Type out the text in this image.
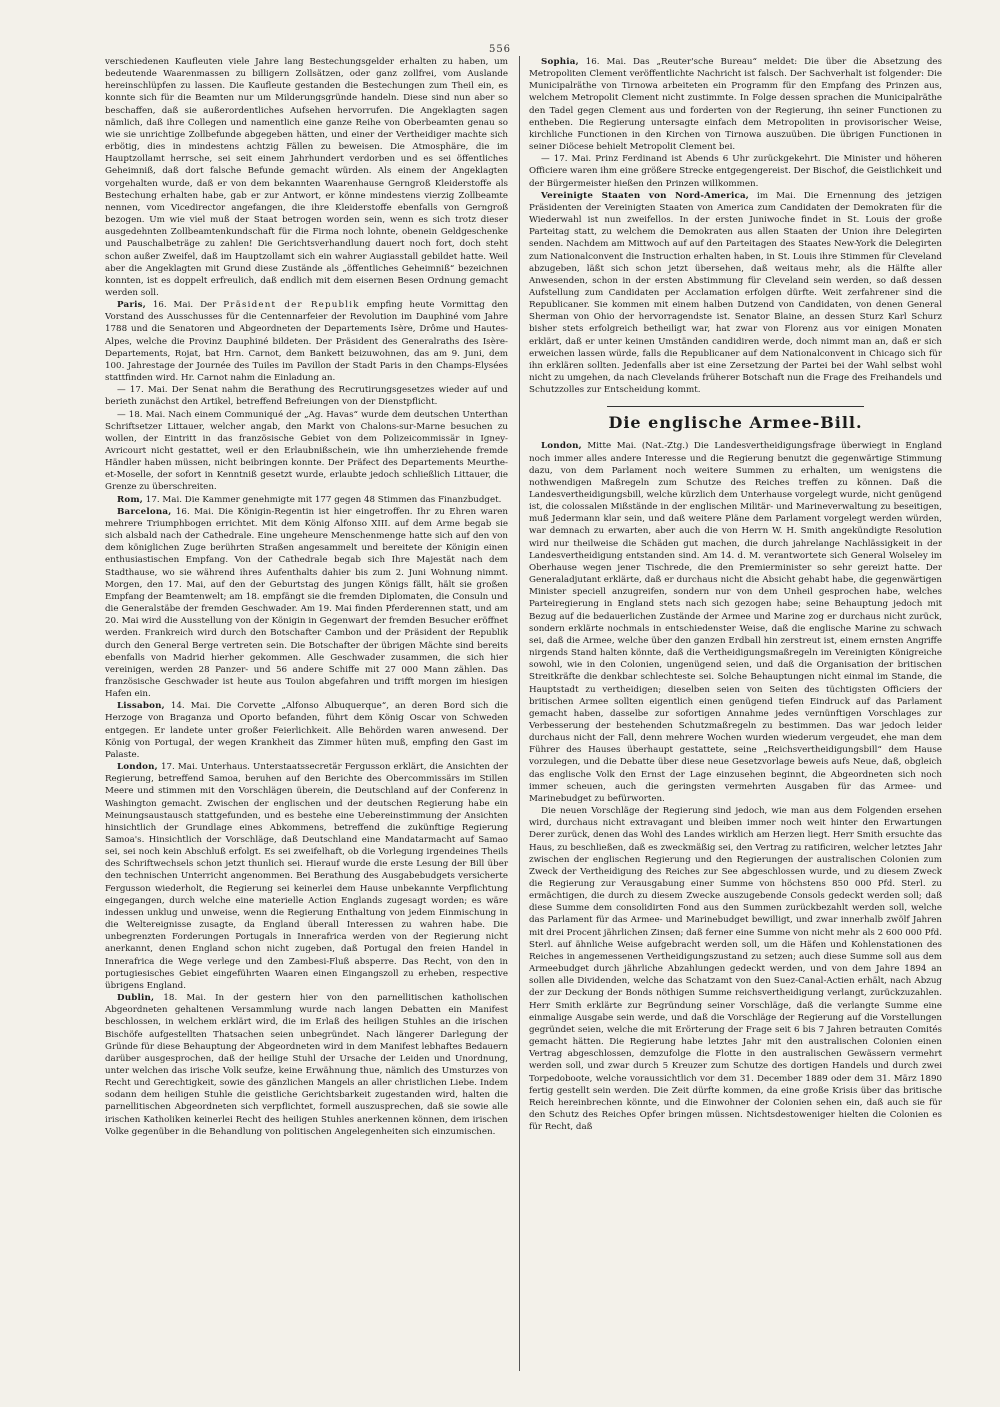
556

verschiedenen Kaufleuten viele Jahre lang Bestechungsgelder erhalten zu haben, um bedeutende Waarenmassen zu billigern Zollsätzen, oder ganz zollfrei, vom Auslande hereinschlüpfen zu lassen. Die Kaufleute gestanden die Bestechungen zum Theil ein, es konnte sich für die Beamten nur um Milderungsgründe handeln. Diese sind nun aber so beschaffen, daß sie außerordentliches Aufsehen hervorrufen. Die Angeklagten sagen nämlich, daß ihre Collegen und namentlich eine ganze Reihe von Oberbeamten genau so wie sie unrichtige Zollbefunde abgegeben hätten, und einer der Vertheidiger machte sich erbötig, dies in mindestens achtzig Fällen zu beweisen. Die Atmosphäre, die im Hauptzollamt herrsche, sei seit einem Jahrhundert verdorben und es sei öffentliches Geheimniß, daß dort falsche Befunde gemacht würden. Als einem der Angeklagten vorgehalten wurde, daß er von dem bekannten Waarenhause Gerngroß Kleiderstoffe als Bestechung erhalten habe, gab er zur Antwort, er könne mindestens vierzig Zollbeamte nennen, vom Vicedirector angefangen, die ihre Kleiderstoffe ebenfalls von Gerngroß bezogen. Um wie viel muß der Staat betrogen worden sein, wenn es sich trotz dieser ausgedehnten Zollbeamtenkundschaft für die Firma noch lohnte, obenein Geldgeschenke und Pauschalbeträge zu zahlen! Die Gerichtsverhandlung dauert noch fort, doch steht schon außer Zweifel, daß im Hauptzollamt sich ein wahrer Augiasstall gebildet hatte. Weil aber die Angeklagten mit Grund diese Zustände als „öffentliches Geheimniß“ bezeichnen konnten, ist es doppelt erfreulich, daß endlich mit dem eisernen Besen Ordnung gemacht werden soll.

Paris, 16. Mai. Der Präsident der Republik empfing heute Vormittag den Vorstand des Ausschusses für die Centennarfeier der Revolution im Dauphiné vom Jahre 1788 und die Senatoren und Abgeordneten der Departements Isère, Drôme und Hautes-Alpes, welche die Provinz Dauphiné bildeten. Der Präsident des Generalraths des Isère-Departements, Rojat, bat Hrn. Carnot, dem Bankett beizuwohnen, das am 9. Juni, dem 100. Jahrestage der Journée des Tuiles im Pavillon der Stadt Paris in den Champs-Elysées stattfinden wird. Hr. Carnot nahm die Einladung an.

— 17. Mai. Der Senat nahm die Berathung des Recrutirungsgesetzes wieder auf und berieth zunächst den Artikel, betreffend Befreiungen von der Dienstpflicht.

— 18. Mai. Nach einem Communiqué der „Ag. Havas“ wurde dem deutschen Unterthan Schriftsetzer Littauer, welcher angab, den Markt von Chalons-sur-Marne besuchen zu wollen, der Eintritt in das französische Gebiet von dem Polizeicommissär in Igney-Avricourt nicht gestattet, weil er den Erlaubnißschein, wie ihn umherziehende fremde Händler haben müssen, nicht beibringen konnte. Der Präfect des Departements Meurthe-et-Moselle, der sofort in Kenntniß gesetzt wurde, erlaubte jedoch schließlich Littauer, die Grenze zu überschreiten.

Rom, 17. Mai. Die Kammer genehmigte mit 177 gegen 48 Stimmen das Finanzbudget.

Barcelona, 16. Mai. Die Königin-Regentin ist hier eingetroffen. Ihr zu Ehren waren mehrere Triumphbogen errichtet. Mit dem König Alfonso XIII. auf dem Arme begab sie sich alsbald nach der Cathedrale. Eine ungeheure Menschenmenge hatte sich auf den von dem königlichen Zuge berührten Straßen angesammelt und bereitete der Königin einen enthusiastischen Empfang. Von der Cathedrale begab sich Ihre Majestät nach dem Stadthause, wo sie während ihres Aufenthalts dahier bis zum 2. Juni Wohnung nimmt. Morgen, den 17. Mai, auf den der Geburtstag des jungen Königs fällt, hält sie großen Empfang der Beamtenwelt; am 18. empfängt sie die fremden Diplomaten, die Consuln und die Generalstäbe der fremden Geschwader. Am 19. Mai finden Pferderennen statt, und am 20. Mai wird die Ausstellung von der Königin in Gegenwart der fremden Besucher eröffnet werden. Frankreich wird durch den Botschafter Cambon und der Präsident der Republik durch den General Berge vertreten sein. Die Botschafter der übrigen Mächte sind bereits ebenfalls von Madrid hierher gekommen. Alle Geschwader zusammen, die sich hier vereinigen, werden 28 Panzer- und 56 andere Schiffe mit 27 000 Mann zählen. Das französische Geschwader ist heute aus Toulon abgefahren und trifft morgen im hiesigen Hafen ein.

Lissabon, 14. Mai. Die Corvette „Alfonso Albuquerque“, an deren Bord sich die Herzoge von Braganza und Oporto befanden, führt dem König Oscar von Schweden entgegen. Er landete unter großer Feierlichkeit. Alle Behörden waren anwesend. Der König von Portugal, der wegen Krankheit das Zimmer hüten muß, empfing den Gast im Palaste.

London, 17. Mai. Unterhaus. Unterstaatssecretär Fergusson erklärt, die Ansichten der Regierung, betreffend Samoa, beruhen auf den Berichte des Obercommissärs im Stillen Meere und stimmen mit den Vorschlägen überein, die Deutschland auf der Conferenz in Washington gemacht. Zwischen der englischen und der deutschen Regierung habe ein Meinungsaustausch stattgefunden, und es bestehe eine Uebereinstimmung der Ansichten hinsichtlich der Grundlage eines Abkommens, betreffend die zukünftige Regierung Samoa's. Hinsichtlich der Vorschläge, daß Deutschland eine Mandatarmacht auf Samao sei, sei noch kein Abschluß erfolgt. Es sei zweifelhaft, ob die Vorlegung irgendeines Theils des Schriftwechsels schon jetzt thunlich sei. Hierauf wurde die erste Lesung der Bill über den technischen Unterricht angenommen. Bei Berathung des Ausgabebudgets versicherte Fergusson wiederholt, die Regierung sei keinerlei dem Hause unbekannte Verpflichtung eingegangen, durch welche eine materielle Action Englands zugesagt worden; es wäre indessen unklug und unweise, wenn die Regierung Enthaltung von jedem Einmischung in die Weltereignisse zusagte, da England überall Interessen zu wahren habe. Die unbegrenzten Forderungen Portugals in Innerafrica werden von der Regierung nicht anerkannt, denen England schon nicht zugeben, daß Portugal den freien Handel in Innerafrica die Wege verlege und den Zambesi-Fluß absperre. Das Recht, von den in portugiesisches Gebiet eingeführten Waaren einen Eingangszoll zu erheben, respective übrigens England.

Dublin, 18. Mai. In der gestern hier von den parnellitischen katholischen Abgeordneten gehaltenen Versammlung wurde nach langen Debatten ein Manifest beschlossen, in welchem erklärt wird, die im Erlaß des heiligen Stuhles an die irischen Bischöfe aufgestellten Thatsachen seien unbegründet. Nach längerer Darlegung der Gründe für diese Behauptung der Abgeordneten wird in dem Manifest lebhaftes Bedauern darüber ausgesprochen, daß der heilige Stuhl der Ursache der Leiden und Unordnung, unter welchen das irische Volk seufze, keine Erwähnung thue, nämlich des Umsturzes von Recht und Gerechtigkeit, sowie des gänzlichen Mangels an aller christlichen Liebe. Indem sodann dem heiligen Stuhle die geistliche Gerichtsbarkeit zugestanden wird, halten die parnellitischen Abgeordneten sich verpflichtet, formell auszusprechen, daß sie sowie alle irischen Katholiken keinerlei Recht des heiligen Stuhles anerkennen können, dem irischen Volke gegenüber in die Behandlung von politischen Angelegenheiten sich einzumischen.

Sophia, 16. Mai. Das „Reuter'sche Bureau“ meldet: Die über die Absetzung des Metropoliten Clement veröffentlichte Nachricht ist falsch. Der Sachverhalt ist folgender: Die Municipalräthe von Tirnowa arbeiteten ein Programm für den Empfang des Prinzen aus, welchem Metropolit Clement nicht zustimmte. In Folge dessen sprachen die Municipalräthe den Tadel gegen Clement aus und forderten von der Regierung, ihn seiner Functionen zu entheben. Die Regierung untersagte einfach dem Metropoliten in provisorischer Weise, kirchliche Functionen in den Kirchen von Tirnowa auszuüben. Die übrigen Functionen in seiner Diöcese behielt Metropolit Clement bei.

— 17. Mai. Prinz Ferdinand ist Abends 6 Uhr zurückgekehrt. Die Minister und höheren Officiere waren ihm eine größere Strecke entgegengereist. Der Bischof, die Geistlichkeit und der Bürgermeister hießen den Prinzen willkommen.

Vereinigte Staaten von Nord-America, im Mai. Die Ernennung des jetzigen Präsidenten der Vereinigten Staaten von America zum Candidaten der Demokraten für die Wiederwahl ist nun zweifellos. In der ersten Juniwoche findet in St. Louis der große Parteitag statt, zu welchem die Demokraten aus allen Staaten der Union ihre Delegirten senden. Nachdem am Mittwoch auf auf den Parteitagen des Staates New-York die Delegirten zum Nationalconvent die Instruction erhalten haben, in St. Louis ihre Stimmen für Cleveland abzugeben, läßt sich schon jetzt übersehen, daß weitaus mehr, als die Hälfte aller Anwesenden, schon in der ersten Abstimmung für Cleveland sein werden, so daß dessen Aufstellung zum Candidaten per Acclamation erfolgen dürfte. Weit zerfahrener sind die Republicaner. Sie kommen mit einem halben Dutzend von Candidaten, von denen General Sherman von Ohio der hervorragendste ist. Senator Blaine, an dessen Sturz Karl Schurz bisher stets erfolgreich betheiligt war, hat zwar von Florenz aus vor einigen Monaten erklärt, daß er unter keinen Umständen candidiren werde, doch nimmt man an, daß er sich erweichen lassen würde, falls die Republicaner auf dem Nationalconvent in Chicago sich für ihn erklären sollten. Jedenfalls aber ist eine Zersetzung der Partei bei der Wahl selbst wohl nicht zu umgehen, da nach Clevelands früherer Botschaft nun die Frage des Freihandels und Schutzzolles zur Entscheidung kommt.

Die englische Armee-Bill.

London, Mitte Mai. (Nat.-Ztg.) Die Landesvertheidigungsfrage überwiegt in England noch immer alles andere Interesse und die Regierung benutzt die gegenwärtige Stimmung dazu, von dem Parlament noch weitere Summen zu erhalten, um wenigstens die nothwendigen Maßregeln zum Schutze des Reiches treffen zu können. Daß die Landesvertheidigungsbill, welche kürzlich dem Unterhause vorgelegt wurde, nicht genügend ist, die colossalen Mißstände in der englischen Militär- und Marineverwaltung zu beseitigen, muß Jedermann klar sein, und daß weitere Pläne dem Parlament vorgelegt werden würden, war demnach zu erwarten, aber auch die von Herrn W. H. Smith angekündigte Resolution wird nur theilweise die Schäden gut machen, die durch jahrelange Nachlässigkeit in der Landesvertheidigung entstanden sind. Am 14. d. M. verantwortete sich General Wolseley im Oberhause wegen jener Tischrede, die den Premierminister so sehr gereizt hatte. Der Generaladjutant erklärte, daß er durchaus nicht die Absicht gehabt habe, die gegenwärtigen Minister speciell anzugreifen, sondern nur von dem Unheil gesprochen habe, welches Parteiregierung in England stets nach sich gezogen habe; seine Behauptung jedoch mit Bezug auf die bedauerlichen Zustände der Armee und Marine zog er durchaus nicht zurück, sondern erklärte nochmals in entschiedenster Weise, daß die englische Marine zu schwach sei, daß die Armee, welche über den ganzen Erdball hin zerstreut ist, einem ernsten Angriffe nirgends Stand halten könnte, daß die Vertheidigungsmaßregeln im Vereinigten Königreiche sowohl, wie in den Colonien, ungenügend seien, und daß die Organisation der britischen Streitkräfte die denkbar schlechteste sei. Solche Behauptungen nicht einmal im Stande, die Hauptstadt zu vertheidigen; dieselben seien von Seiten des tüchtigsten Officiers der britischen Armee sollten eigentlich einen genügend tiefen Eindruck auf das Parlament gemacht haben, dasselbe zur sofortigen Annahme jedes vernünftigen Vorschlages zur Verbesserung der bestehenden Schutzmaßregeln zu bestimmen. Das war jedoch leider durchaus nicht der Fall, denn mehrere Wochen wurden wiederum vergeudet, ehe man dem Führer des Hauses überhaupt gestattete, seine „Reichsvertheidigungsbill“ dem Hause vorzulegen, und die Debatte über diese neue Gesetzvorlage beweis aufs Neue, daß, obgleich das englische Volk den Ernst der Lage einzusehen beginnt, die Abgeordneten sich noch immer scheuen, auch die geringsten vermehrten Ausgaben für das Armee- und Marinebudget zu befürworten.

Die neuen Vorschläge der Regierung sind jedoch, wie man aus dem Folgenden ersehen wird, durchaus nicht extravagant und bleiben immer noch weit hinter den Erwartungen Derer zurück, denen das Wohl des Landes wirklich am Herzen liegt. Herr Smith ersuchte das Haus, zu beschließen, daß es zweckmäßig sei, den Vertrag zu ratificiren, welcher letztes Jahr zwischen der englischen Regierung und den Regierungen der australischen Colonien zum Zweck der Vertheidigung des Reiches zur See abgeschlossen wurde, und zu diesem Zweck die Regierung zur Verausgabung einer Summe von höchstens 850 000 Pfd. Sterl. zu ermächtigen, die durch zu diesem Zwecke auszugebende Consols gedeckt werden soll; daß diese Summe dem consolidirten Fond aus den Summen zurückbezahlt werden soll, welche das Parlament für das Armee- und Marinebudget bewilligt, und zwar innerhalb zwölf Jahren mit drei Procent jährlichen Zinsen; daß ferner eine Summe von nicht mehr als 2 600 000 Pfd. Sterl. auf ähnliche Weise aufgebracht werden soll, um die Häfen und Kohlenstationen des Reiches in angemessenen Vertheidigungszustand zu setzen; auch diese Summe soll aus dem Armeebudget durch jährliche Abzahlungen gedeckt werden, und von dem Jahre 1894 an sollen alle Dividenden, welche das Schatzamt von den Suez-Canal-Actien erhält, nach Abzug der zur Deckung der Bonds nöthigen Summe reichsvertheidigung verlangt, zurückzuzahlen. Herr Smith erklärte zur Begründung seiner Vorschläge, daß die verlangte Summe eine einmalige Ausgabe sein werde, und daß die Vorschläge der Regierung auf die Vorstellungen gegründet seien, welche die mit Erörterung der Frage seit 6 bis 7 Jahren betrauten Comités gemacht hätten. Die Regierung habe letztes Jahr mit den australischen Colonien einen Vertrag abgeschlossen, demzufolge die Flotte in den australischen Gewässern vermehrt werden soll, und zwar durch 5 Kreuzer zum Schutze des dortigen Handels und durch zwei Torpedoboote, welche voraussichtlich vor dem 31. December 1889 oder dem 31. März 1890 fertig gestellt sein werden. Die Zeit dürfte kommen, da eine große Krisis über das britische Reich hereinbrechen könnte, und die Einwohner der Colonien sehen ein, daß auch sie für den Schutz des Reiches Opfer bringen müssen. Nichtsdestoweniger hielten die Colonien es für Recht, daß
